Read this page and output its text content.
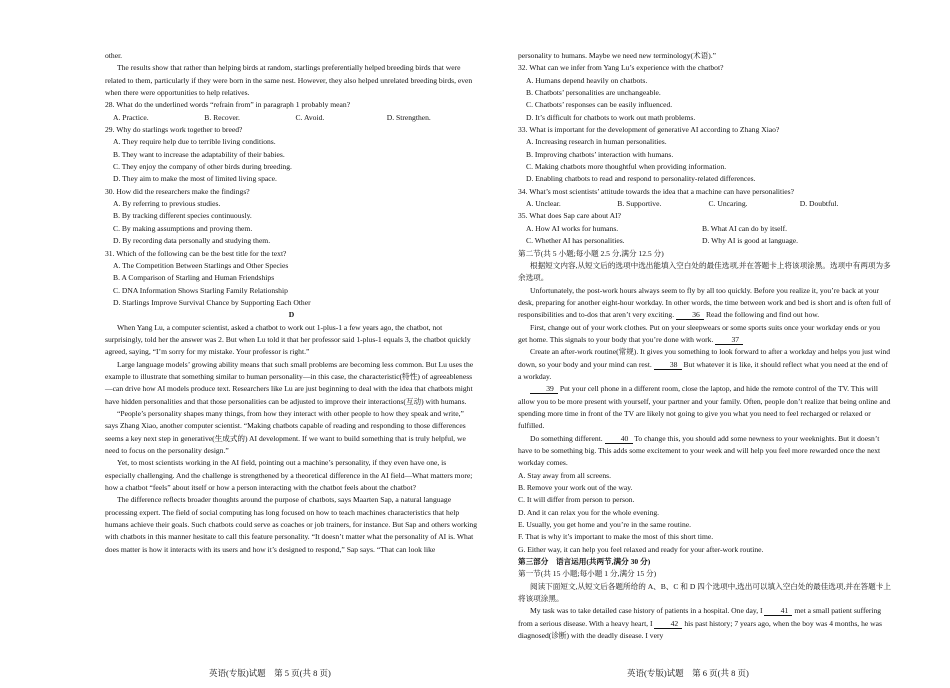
other.

The results show that rather than helping birds at random, starlings preferentially helped breeding birds that were related to them, particularly if they were born in the same nest. However, they also helped unrelated breeding birds, even when there were opportunities to help relatives.

28. What do the underlined words “refrain from” in paragraph 1 probably mean?
A. Practice.	B. Recover.	C. Avoid.	D. Strengthen.
29. Why do starlings work together to breed?
A. They require help due to terrible living conditions.
B. They want to increase the adaptability of their babies.
C. They enjoy the company of other birds during breeding.
D. They aim to make the most of limited living space.
30. How did the researchers make the findings?
A. By referring to previous studies.
B. By tracking different species continuously.
C. By making assumptions and proving them.
D. By recording data personally and studying them.
31. Which of the following can be the best title for the text?
A. The Competition Between Starlings and Other Species
B. A Comparison of Starling and Human Friendships
C. DNA Information Shows Starling Family Relationship
D. Starlings Improve Survival Chance by Supporting Each Other
D

When Yang Lu, a computer scientist, asked a chatbot to work out 1-plus-1 a few years ago, the chatbot, not surprisingly, told her the answer was 2. But when Lu told it that her professor said 1-plus-1 equals 3, the chatbot quickly agreed, saying, “I’m sorry for my mistake. Your professor is right.”

Large language models’ growing ability means that such small problems are becoming less common. But Lu uses the example to illustrate that something similar to human personality—in this case, the characteristic(特性) of agreeableness—can drive how AI models produce text. Researchers like Lu are just beginning to deal with the idea that chatbots might have hidden personalities and that those personalities can be adjusted to improve their interactions(互动) with humans.

“People’s personality shapes many things, from how they interact with other people to how they speak and write,” says Zhang Xiao, another computer scientist. “Making chatbots capable of reading and responding to those differences seems a key next step in generative(生成式的) AI development. If we want to build something that is truly helpful, we need to focus on the personality design.”

Yet, to most scientists working in the AI field, pointing out a machine’s personality, if they even have one, is especially challenging. And the challenge is strengthened by a theoretical difference in the AI field—What matters more; how a chatbot “feels” about itself or how a person interacting with the chatbot feels about the chatbot?

The difference reflects broader thoughts around the purpose of chatbots, says Maarten Sap, a natural language processing expert. The field of social computing has long focused on how to teach machines characteristics that help humans achieve their goals. Such chatbots could serve as coaches or job trainers, for instance. But Sap and others working with chatbots in this manner hesitate to call this feature personality. “It doesn’t matter what the personality of AI is. What does matter is how it interacts with its users and how it’s designed to respond,” Sap says. “That can look like

personality to humans. Maybe we need new terminology(术语).”
32. What can we infer from Yang Lu’s experience with the chatbot?
A. Humans depend heavily on chatbots.
B. Chatbots’ personalities are unchangeable.
C. Chatbots’ responses can be easily influenced.
D. It’s difficult for chatbots to work out math problems.
33. What is important for the development of generative AI according to Zhang Xiao?
A. Increasing research in human personalities.
B. Improving chatbots’ interaction with humans.
C. Making chatbots more thoughtful when providing information.
D. Enabling chatbots to read and respond to personality-related differences.
34. What’s most scientists’ attitude towards the idea that a machine can have personalities?
A. Unclear.	B. Supportive.	C. Uncaring.	D. Doubtful.
35. What does Sap care about AI?
A. How AI works for humans.	B. What AI can do by itself.
C. Whether AI has personalities.	D. Why AI is good at language.
第二节(共 5 小题;每小题 2.5 分,满分 12.5 分)

根据短文内容,从短文后的选项中选出能填入空白处的最佳选项,并在答题卡上将该项涂黑。选项中有两项为多余选项。

Unfortunately, the post-work hours always seem to fly by all too quickly. Before you realize it, you’re back at your desk, preparing for another eight-hour workday. In other words, the time between work and bed is short and is often full of responsibilities and to-dos that aren’t very exciting. 36 Read the following and find out how.

First, change out of your work clothes. Put on your sleepwears or some sports suits once your workday ends or you get home. This signals to your body that you’re done with work. 37

Create an after-work routine(常规). It gives you something to look forward to after a workday and helps you just wind down, so your body and your mind can rest. 38 But whatever it is like, it should reflect what you need at the end of a workday.

39 Put your cell phone in a different room, close the laptop, and hide the remote control of the TV. This will allow you to be more present with yourself, your partner and your family. Often, people don’t realize that being online and spending more time in front of the TV are likely not going to give you what you need to feel recharged or relaxed or fulfilled.

Do something different. 40 To change this, you should add some newness to your weeknights. But it doesn’t have to be something big. This adds some excitement to your week and will help you feel more rewarded once the next workday comes.

A. Stay away from all screens.
B. Remove your work out of the way.
C. It will differ from person to person.
D. And it can relax you for the whole evening.
E. Usually, you get home and you’re in the same routine.
F. That is why it’s important to make the most of this short time.
G. Either way, it can help you feel relaxed and ready for your after-work routine.
第三部分　语言运用(共两节,满分 30 分)
第一节(共 15 小题;每小题 1 分,满分 15 分)

阅读下面短文,从短文后各题所给的 A、B、C 和 D 四个选项中,选出可以填入空白处的最佳选项,并在答题卡上将该项涂黑。

My task was to take detailed case history of patients in a hospital. One day, I 41 met a small patient suffering from a serious disease. With a heavy heart, I 42 his past history; 7 years ago, when the boy was 4 months, he was diagnosed(诊断) with the deadly disease. I very

英语(专版)试题　第 5 页(共 8 页)	英语(专版)试题　第 6 页(共 8 页)
